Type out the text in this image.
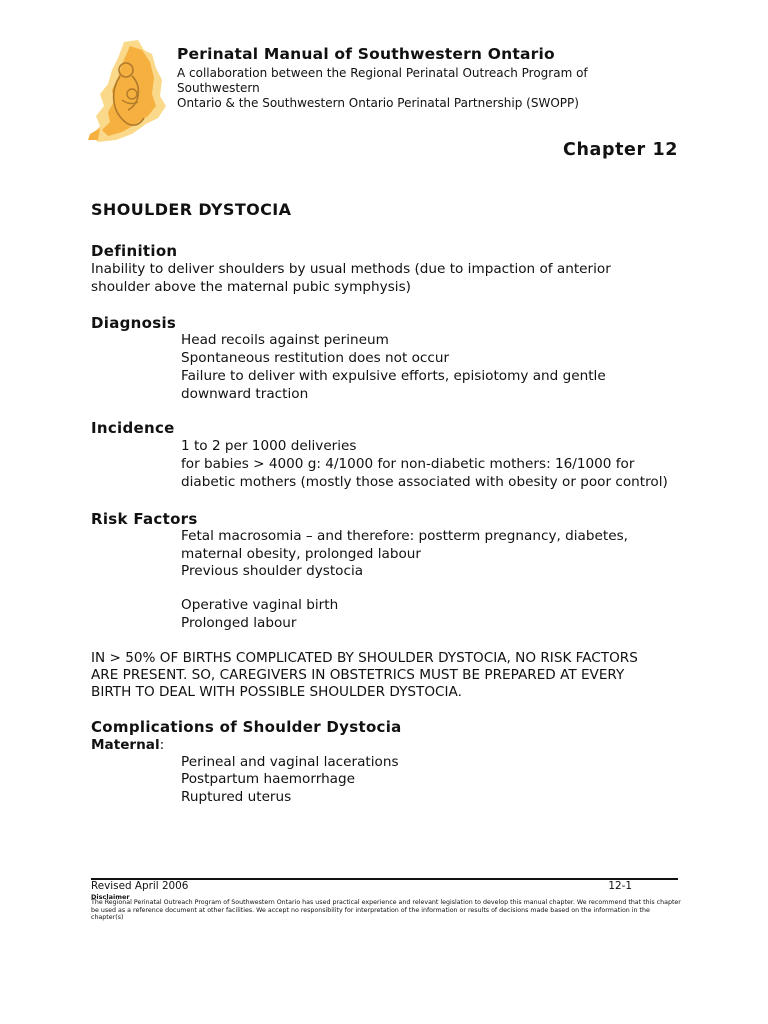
Perinatal Manual of Southwestern Ontario
A collaboration between the Regional Perinatal Outreach Program of Southwestern
Ontario & the Southwestern Ontario Perinatal Partnership (SWOPP)
Chapter 12
SHOULDER DYSTOCIA
Definition
Inability to deliver shoulders by usual methods (due to impaction of anterior
shoulder above the maternal pubic symphysis)
Diagnosis
Head recoils against perineum
Spontaneous restitution does not occur
Failure to deliver with expulsive efforts, episiotomy and gentle
downward traction
Incidence
1 to 2 per 1000 deliveries
for babies > 4000 g: 4/1000 for non-diabetic mothers: 16/1000 for
diabetic mothers (mostly those associated with obesity or poor control)
Risk Factors
Fetal macrosomia – and therefore: postterm pregnancy, diabetes,
maternal obesity, prolonged labour
Previous shoulder dystocia
Operative vaginal birth
Prolonged labour
IN > 50% OF BIRTHS COMPLICATED BY SHOULDER DYSTOCIA, NO RISK FACTORS
ARE PRESENT. SO, CAREGIVERS IN OBSTETRICS MUST BE PREPARED AT EVERY
BIRTH TO DEAL WITH POSSIBLE SHOULDER DYSTOCIA.
Complications of Shoulder Dystocia
Maternal:
Perineal and vaginal lacerations
Postpartum haemorrhage
Ruptured uterus
Revised April 2006	12-1
Disclaimer
The Regional Perinatal Outreach Program of Southwestern Ontario has used practical experience and relevant legislation to develop this manual chapter. We recommend that this chapter be used as a reference document at other facilities. We accept no responsibility for interpretation of the information or results of decisions made based on the information in the chapter(s)
